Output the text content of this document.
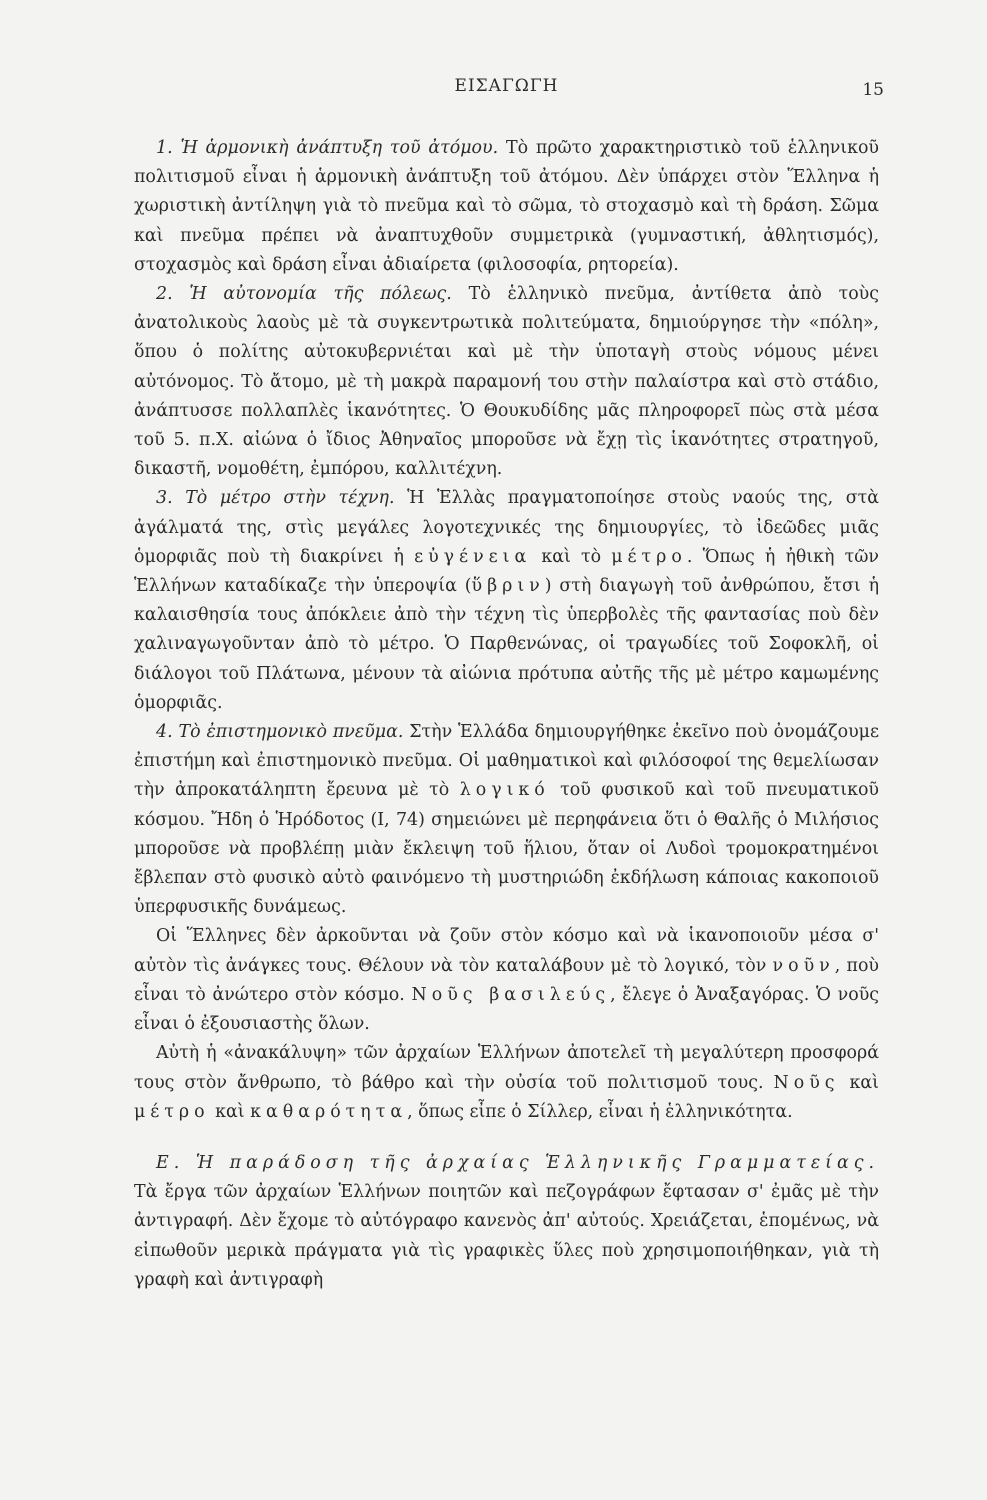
ΕΙΣΑΓΩΓΗ	15

1. Ἡ ἁρμονικὴ ἀνάπτυξη τοῦ ἀτόμου. Τὸ πρῶτο χαρακτηριστικὸ τοῦ ἑλληνικοῦ πολιτισμοῦ εἶναι ἡ ἁρμονικὴ ἀνάπτυξη τοῦ ἀτόμου. Δὲν ὑπάρχει στὸν Ἕλληνα ἡ χωριστικὴ ἀντίληψη γιὰ τὸ πνεῦμα καὶ τὸ σῶμα, τὸ στοχασμὸ καὶ τὴ δράση. Σῶμα καὶ πνεῦμα πρέπει νὰ ἀναπτυχθοῦν συμμετρικὰ (γυμναστική, ἀθλητισμός), στοχασμὸς καὶ δράση εἶναι ἀδιαίρετα (φιλοσοφία, ρητορεία).

2. Ἡ αὐτονομία τῆς πόλεως. Τὸ ἑλληνικὸ πνεῦμα, ἀντίθετα ἀπὸ τοὺς ἀνατολικοὺς λαοὺς μὲ τὰ συγκεντρωτικὰ πολιτεύματα, δημιούργησε τὴν «πόλη», ὅπου ὁ πολίτης αὐτοκυβερνιέται καὶ μὲ τὴν ὑποταγὴ στοὺς νόμους μένει αὐτόνομος. Τὸ ἄτομο, μὲ τὴ μακρὰ παραμονή του στὴν παλαίστρα καὶ στὸ στάδιο, ἀνάπτυσσε πολλαπλὲς ἱκανότητες. Ὁ Θουκυδίδης μᾶς πληροφορεῖ πὼς στὰ μέσα τοῦ 5. π.Χ. αἰώνα ὁ ἴδιος Ἀθηναῖος μποροῦσε νὰ ἔχῃ τὶς ἱκανότητες στρατηγοῦ, δικαστῆ, νομοθέτη, ἐμπόρου, καλλιτέχνη.

3. Τὸ μέτρο στὴν τέχνη. Ἡ Ἑλλὰς πραγματοποίησε στοὺς ναούς της, στὰ ἀγάλματά της, στὶς μεγάλες λογοτεχνικές της δημιουργίες, τὸ ἰδεῶδες μιᾶς ὁμορφιᾶς ποὺ τὴ διακρίνει ἡ εὐγένεια καὶ τὸ μέτρο. Ὅπως ἡ ἠθικὴ τῶν Ἑλλήνων καταδίκαζε τὴν ὑπεροψία (ὕβριν) στὴ διαγωγὴ τοῦ ἀνθρώπου, ἔτσι ἡ καλαισθησία τους ἀπόκλειε ἀπὸ τὴν τέχνη τὶς ὑπερβολὲς τῆς φαντασίας ποὺ δὲν χαλιναγωγοῦνταν ἀπὸ τὸ μέτρο. Ὁ Παρθενώνας, οἱ τραγωδίες τοῦ Σοφοκλῆ, οἱ διάλογοι τοῦ Πλάτωνα, μένουν τὰ αἰώνια πρότυπα αὐτῆς τῆς μὲ μέτρο καμωμένης ὁμορφιᾶς.

4. Τὸ ἐπιστημονικὸ πνεῦμα. Στὴν Ἑλλάδα δημιουργήθηκε ἐκεῖνο ποὺ ὀνομάζουμε ἐπιστήμη καὶ ἐπιστημονικὸ πνεῦμα. Οἱ μαθηματικοὶ καὶ φιλόσοφοί της θεμελίωσαν τὴν ἀπροκατάληπτη ἔρευνα μὲ τὸ λογικό τοῦ φυσικοῦ καὶ τοῦ πνευματικοῦ κόσμου. Ἤδη ὁ Ἡρόδοτος (I, 74) σημειώνει μὲ περηφάνεια ὅτι ὁ Θαλῆς ὁ Μιλήσιος μποροῦσε νὰ προβλέπῃ μιὰν ἔκλειψη τοῦ ἥλιου, ὅταν οἱ Λυδοὶ τρομοκρατημένοι ἔβλεπαν στὸ φυσικὸ αὐτὸ φαινόμενο τὴ μυστηριώδη ἐκδήλωση κάποιας κακοποιοῦ ὑπερφυσικῆς δυνάμεως.

Οἱ Ἕλληνες δὲν ἀρκοῦνται νὰ ζοῦν στὸν κόσμο καὶ νὰ ἱκανοποιοῦν μέσα σ' αὐτὸν τὶς ἀνάγκες τους. Θέλουν νὰ τὸν καταλάβουν μὲ τὸ λογικό, τὸν νοῦν, ποὺ εἶναι τὸ ἀνώτερο στὸν κόσμο. Νοῦς βασιλεύς, ἔλεγε ὁ Ἀναξαγόρας. Ὁ νοῦς εἶναι ὁ ἐξουσιαστὴς ὅλων.

Αὐτὴ ἡ «ἀνακάλυψη» τῶν ἀρχαίων Ἑλλήνων ἀποτελεῖ τὴ μεγαλύτερη προσφορά τους στὸν ἄνθρωπο, τὸ βάθρο καὶ τὴν οὐσία τοῦ πολιτισμοῦ τους. Νοῦς καὶ μέτρο καὶ καθαρότητα, ὅπως εἶπε ὁ Σίλλερ, εἶναι ἡ ἑλληνικότητα.

Ε. Ἡ παράδοση τῆς ἀρχαίας Ἑλληνικῆς Γραμματείας. Τὰ ἔργα τῶν ἀρχαίων Ἑλλήνων ποιητῶν καὶ πεζογράφων ἔφτασαν σ' ἐμᾶς μὲ τὴν ἀντιγραφή. Δὲν ἔχομε τὸ αὐτόγραφο κανενὸς ἀπ' αὐτούς. Χρειάζεται, ἑπομένως, νὰ εἰπωθοῦν μερικὰ πράγματα γιὰ τὶς γραφικὲς ὕλες ποὺ χρησιμοποιήθηκαν, γιὰ τὴ γραφὴ καὶ ἀντιγραφὴ
